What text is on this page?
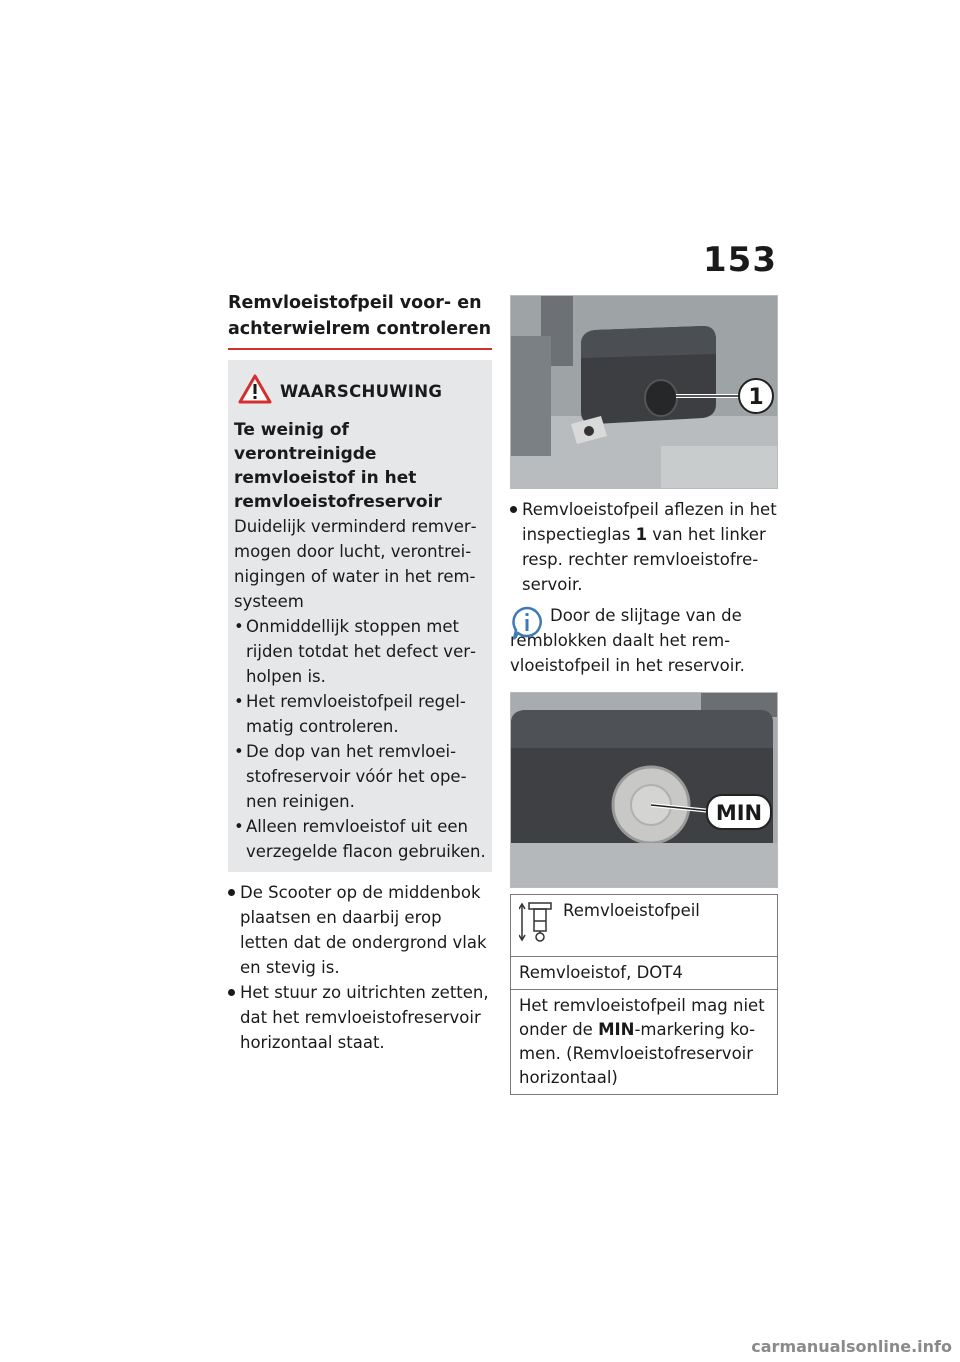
153
Remvloeistofpeil voor- en achterwielrem controleren
WAARSCHUWING
Te weinig of verontreinigde remvloeistof in het remvloeistofreservoir
Duidelijk verminderd remvermogen door lucht, verontreinigingen of water in het remsysteem
• Onmiddellijk stoppen met rijden totdat het defect verholpen is.
• Het remvloeistofpeil regelmatig controleren.
• De dop van het remvloeistofreservoir vóór het openen reinigen.
• Alleen remvloeistof uit een verzegelde flacon gebruiken.
De Scooter op de middenbok plaatsen en daarbij erop letten dat de ondergrond vlak en stevig is.
Het stuur zo uitrichten zetten, dat het remvloeistofreservoir horizontaal staat.
1
Remvloeistofpeil aflezen in het inspectieglas 1 van het linker resp. rechter remvloeistofreservoir.
Door de slijtage van de remblokken daalt het remvloeistofpeil in het reservoir.
MIN
Remvloeistofpeil

Remvloeistof, DOT4
Het remvloeistofpeil mag niet onder de MIN-markering komen. (Remvloeistofreservoir horizontaal)
carmanualsonline.info
